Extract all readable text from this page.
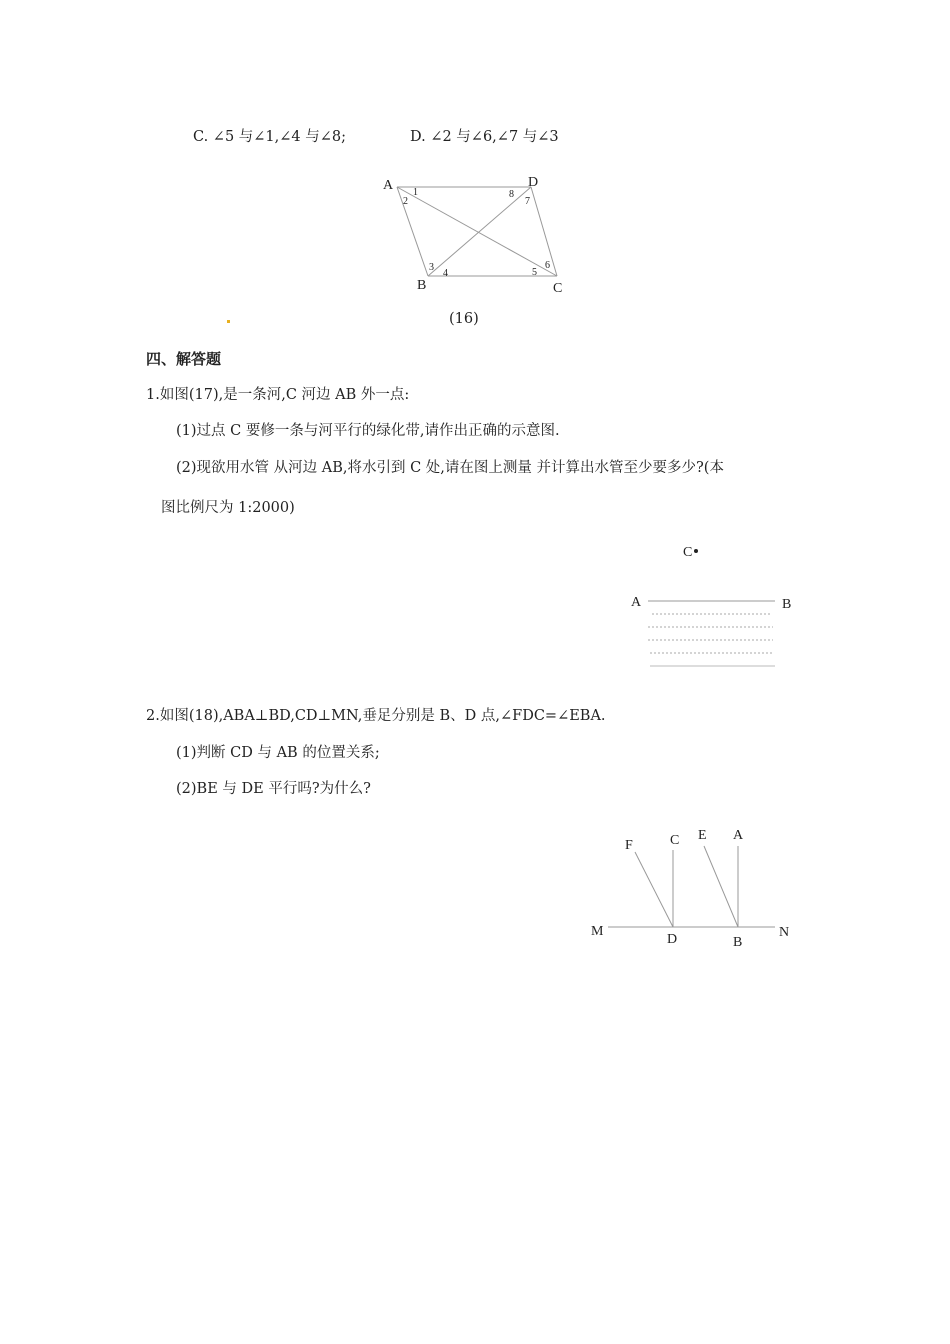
C. ∠5 与∠1,∠4 与∠8;	D. ∠2 与∠6,∠7 与∠3
A	D
B	C
1
2
8
7
3
4	5
6
(16)
四、解答题
1.如图(17),是一条河,C 河边 AB 外一点:
(1)过点 C 要修一条与河平行的绿化带,请作出正确的示意图.
(2)现欲用水管 从河边 AB,将水引到 C 处,请在图上测量 并计算出水管至少要多少?(本
图比例尺为 1:2000)
C
A	B
2.如图(18),ABA⊥BD,CD⊥MN,垂足分别是 B、D 点,∠FDC=∠EBA.
(1)判断 CD 与 AB 的位置关系;
(2)BE 与 DE 平行吗?为什么?
F	C E A
M
D	B
N
